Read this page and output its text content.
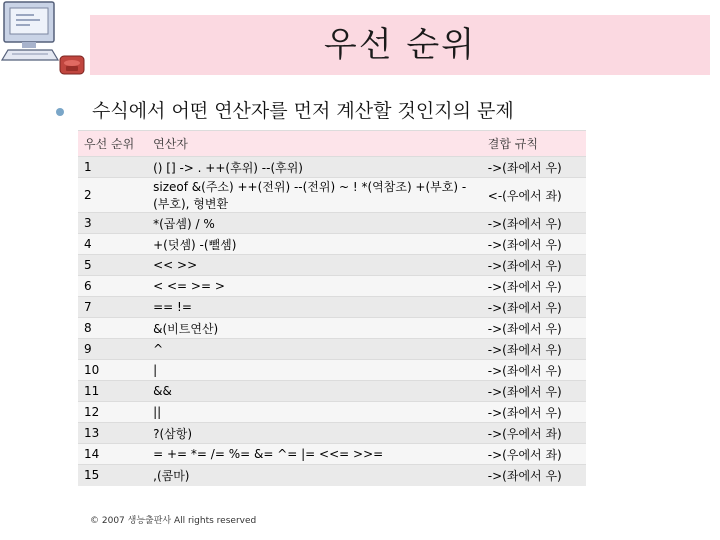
우선 순위
수식에서 어떤 연산자를 먼저 계산할 것인지의 문제
우선 순위	연산자	결합 규칙
1	() [] -> . ++(후위) --(후위)	->(좌에서 우)
2	sizeof &(주소) ++(전위) --(전위) ~ ! *(역참조) +(부호) -(부호), 형변환	<-(우에서 좌)
3	*(곱셈) / %	->(좌에서 우)
4	+(덧셈) -(뺄셈)	->(좌에서 우)
5	<< >>	->(좌에서 우)
6	< <= >= >	->(좌에서 우)
7	== !=	->(좌에서 우)
8	&(비트연산)	->(좌에서 우)
9	^	->(좌에서 우)
10	|	->(좌에서 우)
11	&&	->(좌에서 우)
12	||	->(좌에서 우)
13	?(삼항)	->(우에서 좌)
14	= += *= /= %= &= ^= |= <<= >>=	->(우에서 좌)
15	,(콤마)	->(좌에서 우)
© 2007 생능출판사 All rights reserved
